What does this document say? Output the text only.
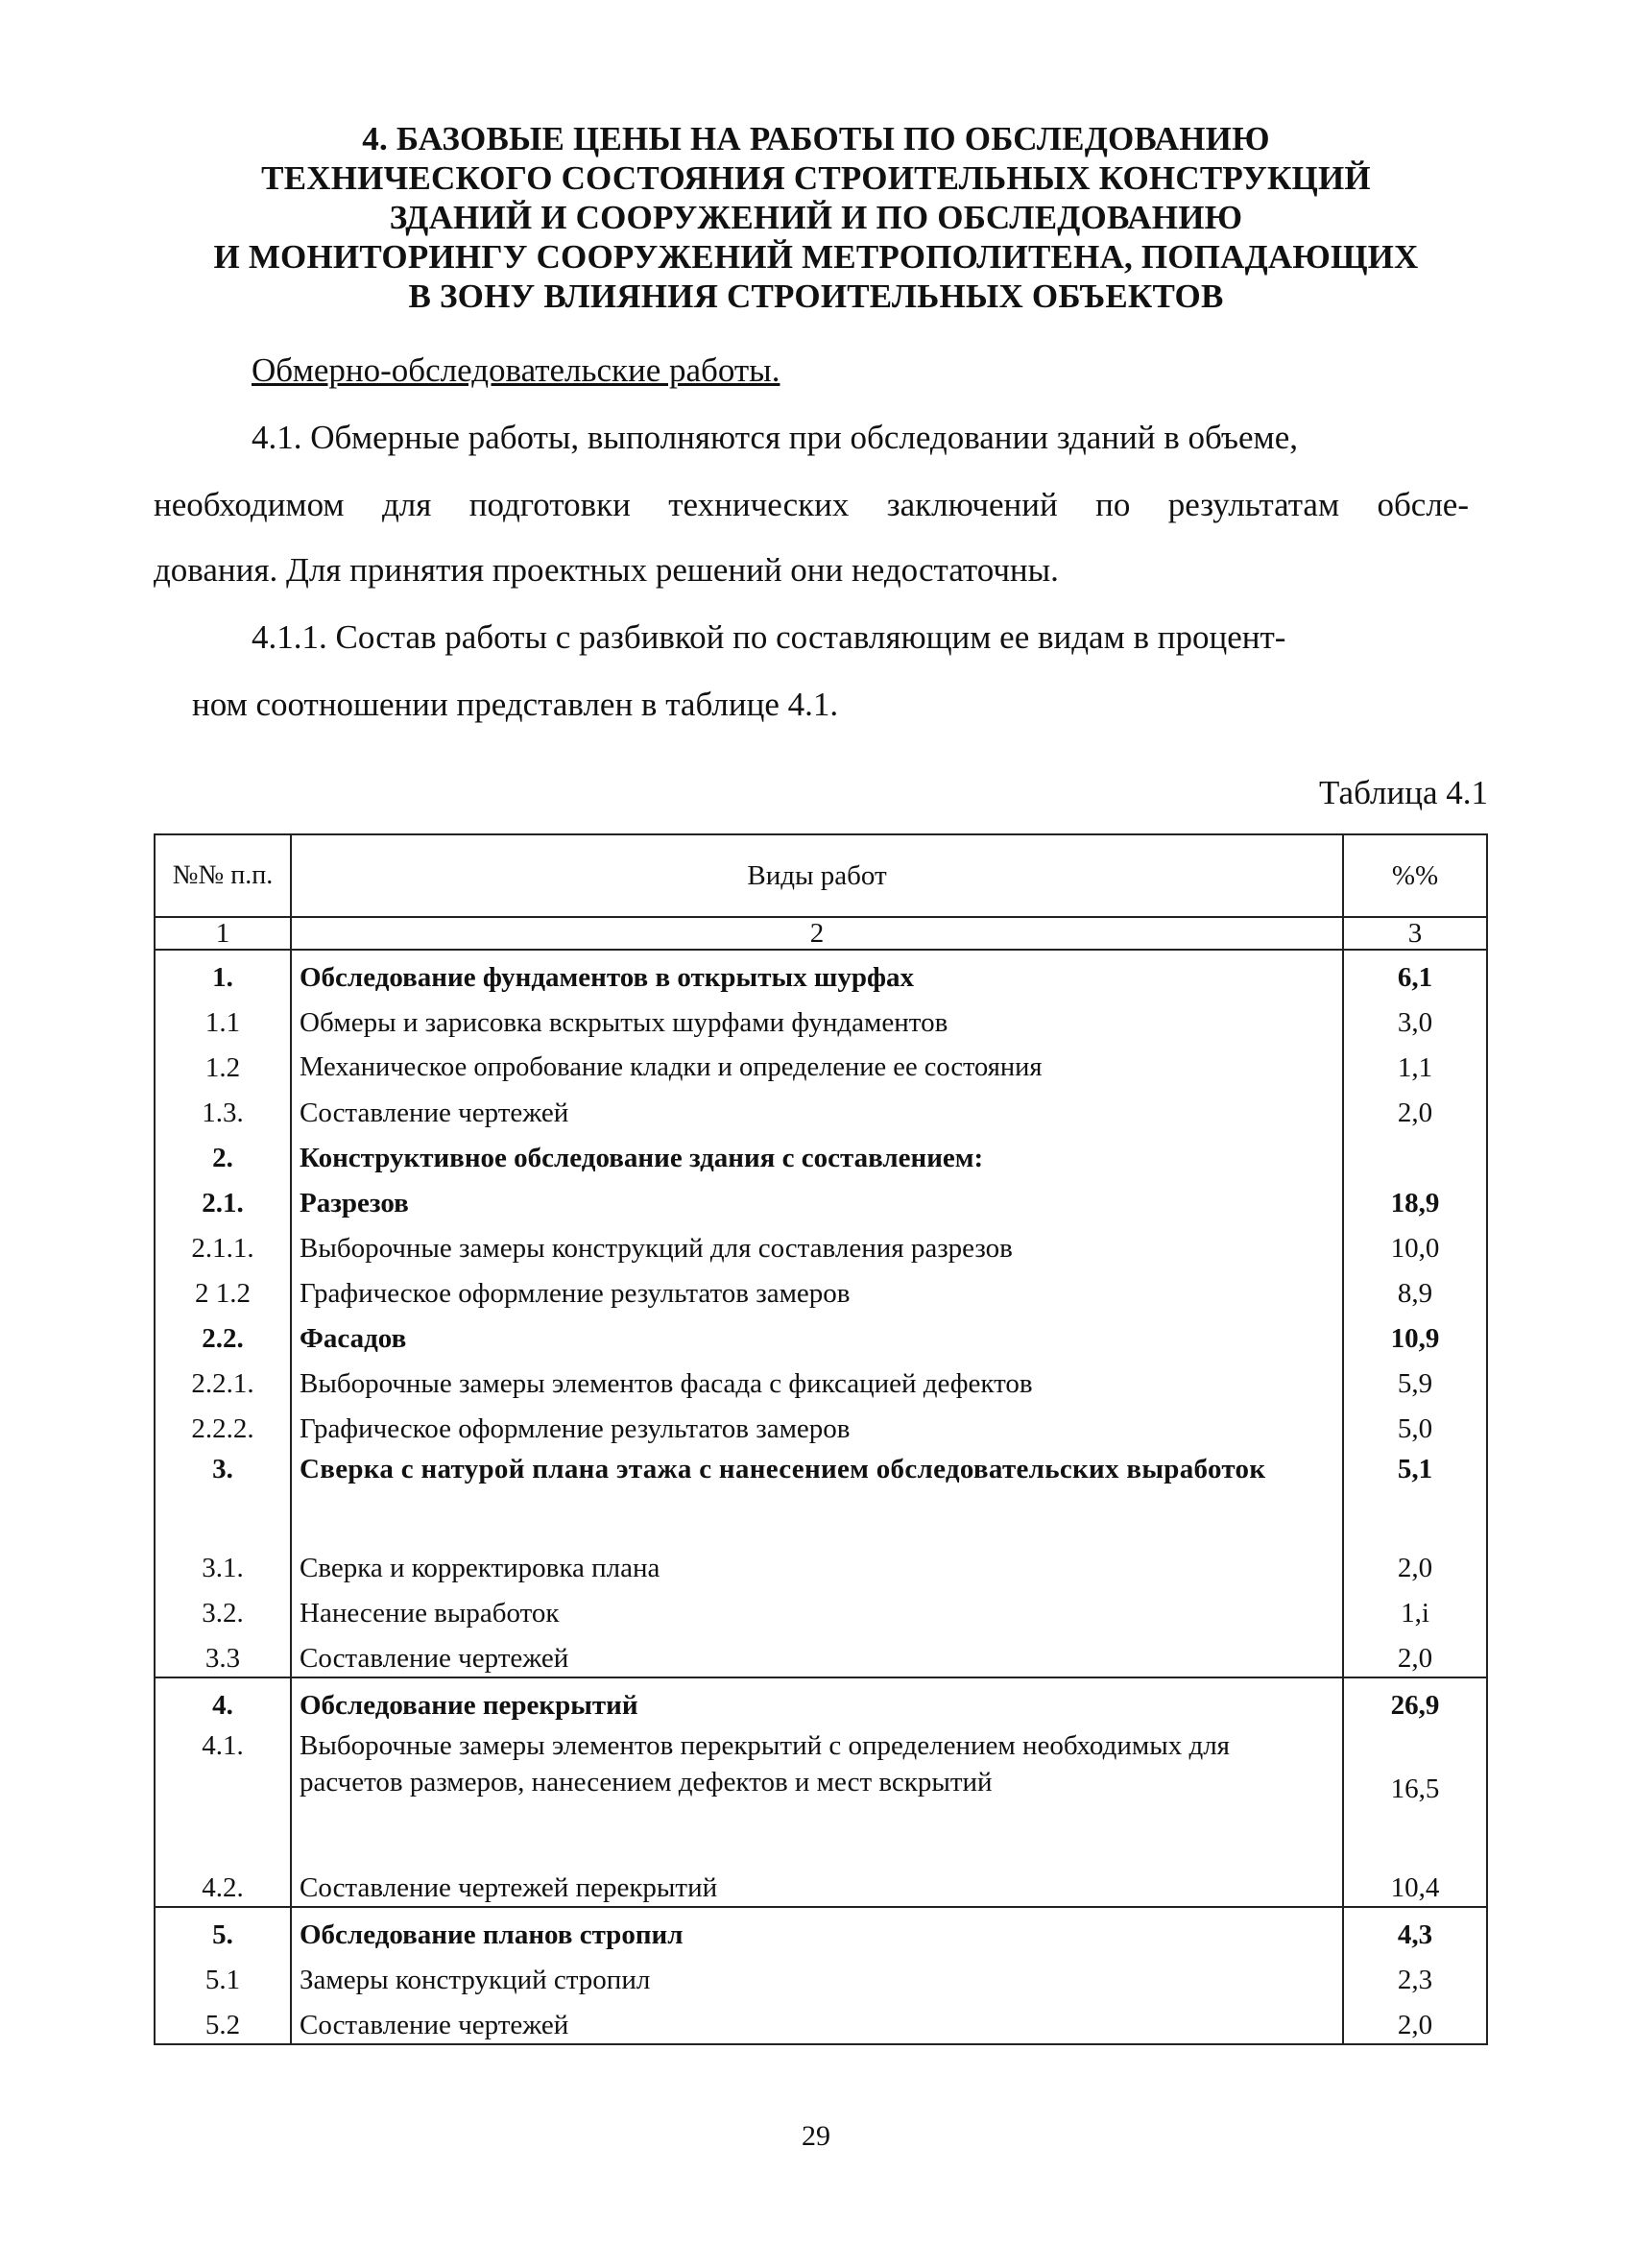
4. БАЗОВЫЕ ЦЕНЫ НА РАБОТЫ ПО ОБСЛЕДОВАНИЮ
ТЕХНИЧЕСКОГО СОСТОЯНИЯ СТРОИТЕЛЬНЫХ КОНСТРУКЦИЙ
ЗДАНИЙ И СООРУЖЕНИЙ И ПО ОБСЛЕДОВАНИЮ
И МОНИТОРИНГУ СООРУЖЕНИЙ МЕТРОПОЛИТЕНА, ПОПАДАЮЩИХ
В ЗОНУ ВЛИЯНИЯ СТРОИТЕЛЬНЫХ ОБЪЕКТОВ
Обмерно-обследовательские работы.
4.1. Обмерные работы, выполняются при обследовании зданий в объеме,
необходимом для подготовки технических заключений по результатам обсле-
дования. Для принятия проектных решений они недостаточны.
4.1.1. Состав работы с разбивкой по составляющим ее видам в процент-
ном соотношении представлен в таблице 4.1.
Таблица 4.1
№№ п.п.	Виды работ	%%
1	2	3
1.	Обследование фундаментов в открытых шурфах	6,1
1.1	Обмеры и зарисовка вскрытых шурфами фундаментов	3,0
1.2	Механическое опробование кладки и определение ее состояния	1,1
1.3.	Составление чертежей	2,0
2.	Конструктивное обследование здания с составлением:	
2.1.	Разрезов	18,9
2.1.1.	Выборочные замеры конструкций для составления разрезов	10,0
2 1.2	Графическое оформление результатов замеров	8,9
2.2.	Фасадов	10,9
2.2.1.	Выборочные замеры элементов фасада с фиксацией дефектов	5,9
2.2.2.	Графическое оформление результатов замеров	5,0
3.	Сверка с натурой плана этажа с нанесением обследовательских выработок	5,1
3.1.	Сверка и корректировка плана	2,0
3.2.	Нанесение выработок	1,i
3.3	Составление чертежей	2,0
4.	Обследование перекрытий	26,9
4.1.	Выборочные замеры элементов перекрытий с определением необходимых для расчетов размеров, нанесением дефектов и мест вскрытий	16,5
4.2.	Составление чертежей перекрытий	10,4
5.	Обследование планов стропил	4,3
5.1	Замеры конструкций стропил	2,3
5.2	Составление чертежей	2,0
29
